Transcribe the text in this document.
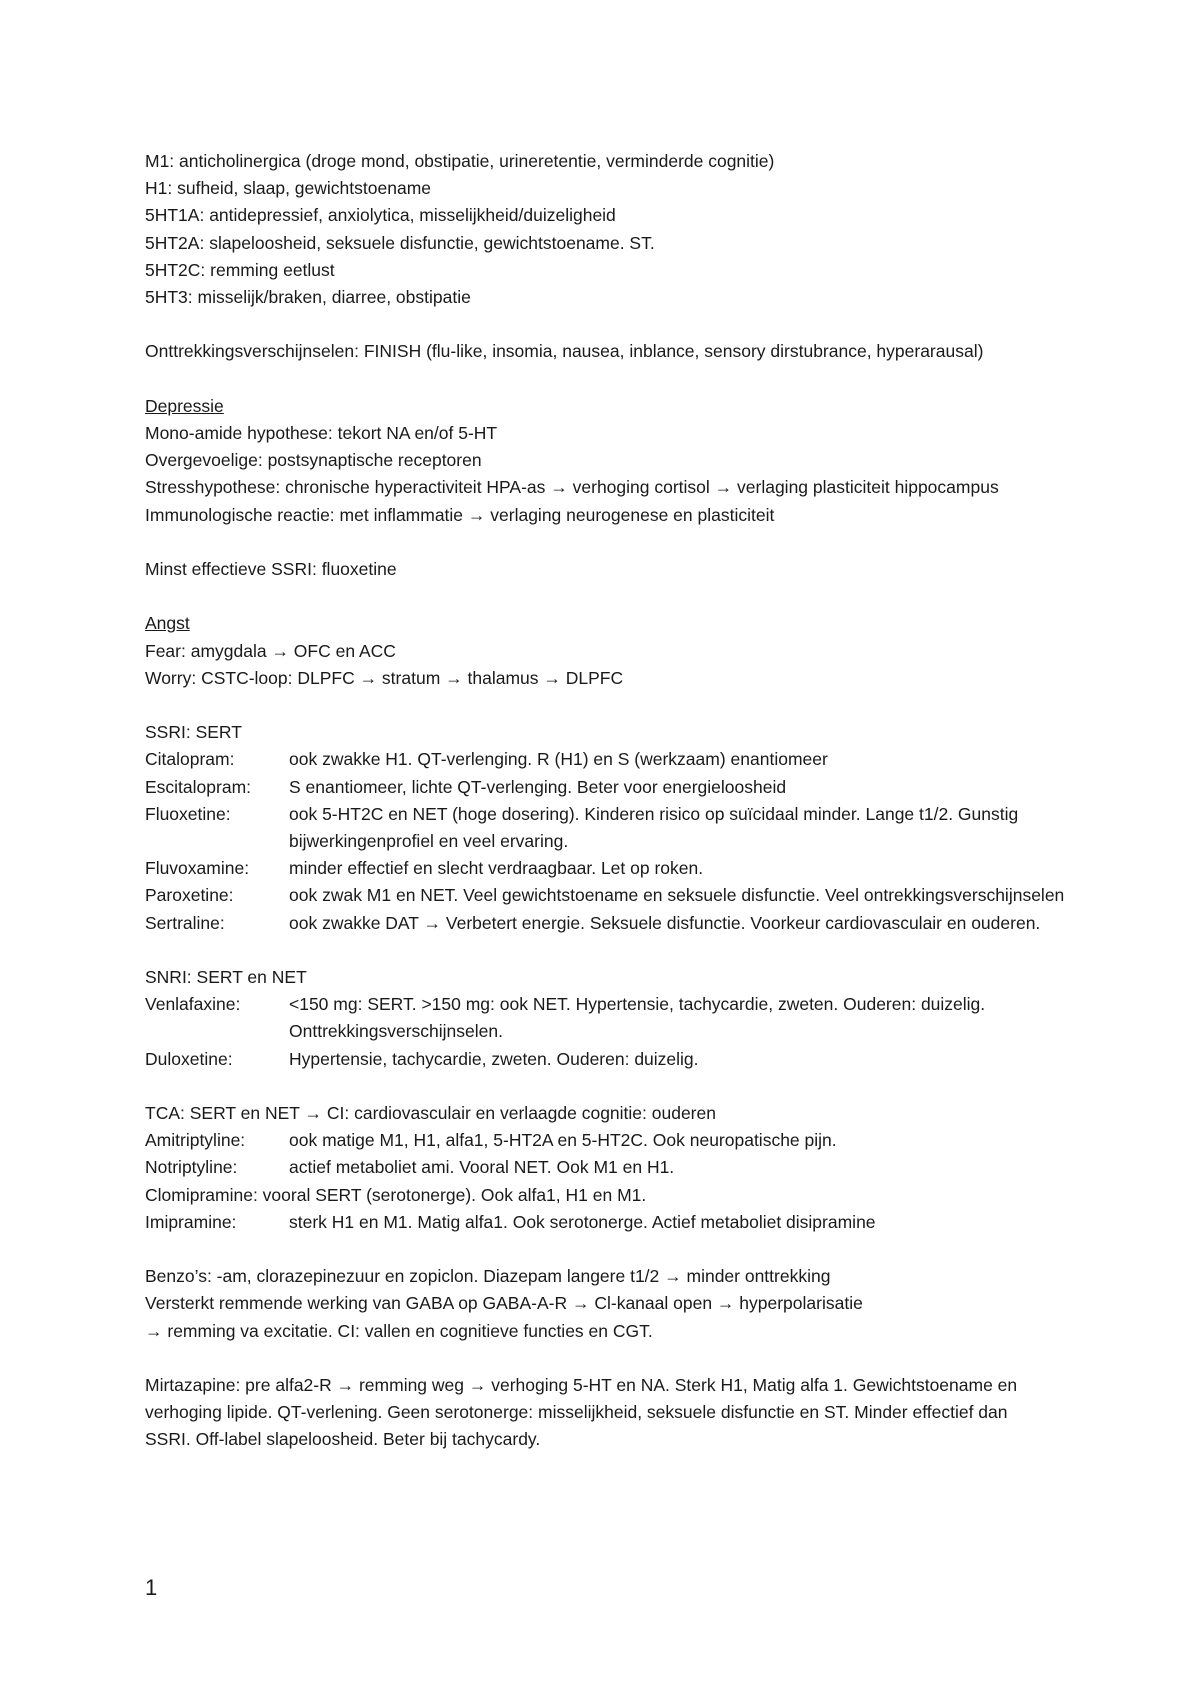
M1: anticholinergica (droge mond, obstipatie, urineretentie, verminderde cognitie)
H1: sufheid, slaap, gewichtstoename
5HT1A: antidepressief, anxiolytica, misselijkheid/duizeligheid
5HT2A: slapeloosheid, seksuele disfunctie, gewichtstoename. ST.
5HT2C: remming eetlust
5HT3: misselijk/braken, diarree, obstipatie
Onttrekkingsverschijnselen: FINISH (flu-like, insomia, nausea, inblance, sensory dirstubrance, hyperarausal)
Depressie
Mono-amide hypothese: tekort NA en/of 5-HT
Overgevoelige: postsynaptische receptoren
Stresshypothese: chronische hyperactiviteit HPA-as → verhoging cortisol → verlaging plasticiteit hippocampus
Immunologische reactie: met inflammatie → verlaging neurogenese en plasticiteit
Minst effectieve SSRI: fluoxetine
Angst
Fear: amygdala → OFC en ACC
Worry: CSTC-loop: DLPFC → stratum → thalamus → DLPFC
SSRI: SERT
Citalopram:	ook zwakke H1. QT-verlenging. R (H1) en S (werkzaam) enantiomeer
Escitalopram:	S enantiomeer, lichte QT-verlenging. Beter voor energieloosheid
Fluoxetine:	ook 5-HT2C en NET (hoge dosering). Kinderen risico op suïcidaal minder. Lange t1/2. Gunstig bijwerkingenprofiel en veel ervaring.
Fluvoxamine:	minder effectief en slecht verdraagbaar. Let op roken.
Paroxetine:	ook zwak M1 en NET. Veel gewichtstoename en seksuele disfunctie. Veel ontrekkingsverschijnselen
Sertraline:	ook zwakke DAT → Verbetert energie. Seksuele disfunctie. Voorkeur cardiovasculair en ouderen.
SNRI: SERT en NET
Venlafaxine:	<150 mg: SERT. >150 mg: ook NET. Hypertensie, tachycardie, zweten. Ouderen: duizelig. Onttrekkingsverschijnselen.
Duloxetine:	Hypertensie, tachycardie, zweten. Ouderen: duizelig.
TCA: SERT en NET → CI: cardiovasculair en verlaagde cognitie: ouderen
Amitriptyline:	ook matige M1, H1, alfa1, 5-HT2A en 5-HT2C. Ook neuropatische pijn.
Notriptyline:	actief metaboliet ami. Vooral NET. Ook M1 en H1.
Clomipramine: vooral SERT (serotonerge). Ook alfa1, H1 en M1.
Imipramine:	sterk H1 en M1. Matig alfa1. Ook serotonerge. Actief metaboliet disipramine
Benzo’s: -am, clorazepinezuur en zopiclon. Diazepam langere t1/2 → minder onttrekking
Versterkt remmende werking van GABA op GABA-A-R → Cl-kanaal open → hyperpolarisatie
→ remming va excitatie. CI: vallen en cognitieve functies en CGT.
Mirtazapine: pre alfa2-R → remming weg → verhoging 5-HT en NA. Sterk H1, Matig alfa 1. Gewichtstoename en verhoging lipide. QT-verlening. Geen serotonerge: misselijkheid, seksuele disfunctie en ST. Minder effectief dan SSRI. Off-label slapeloosheid. Beter bij tachycardy.
1
